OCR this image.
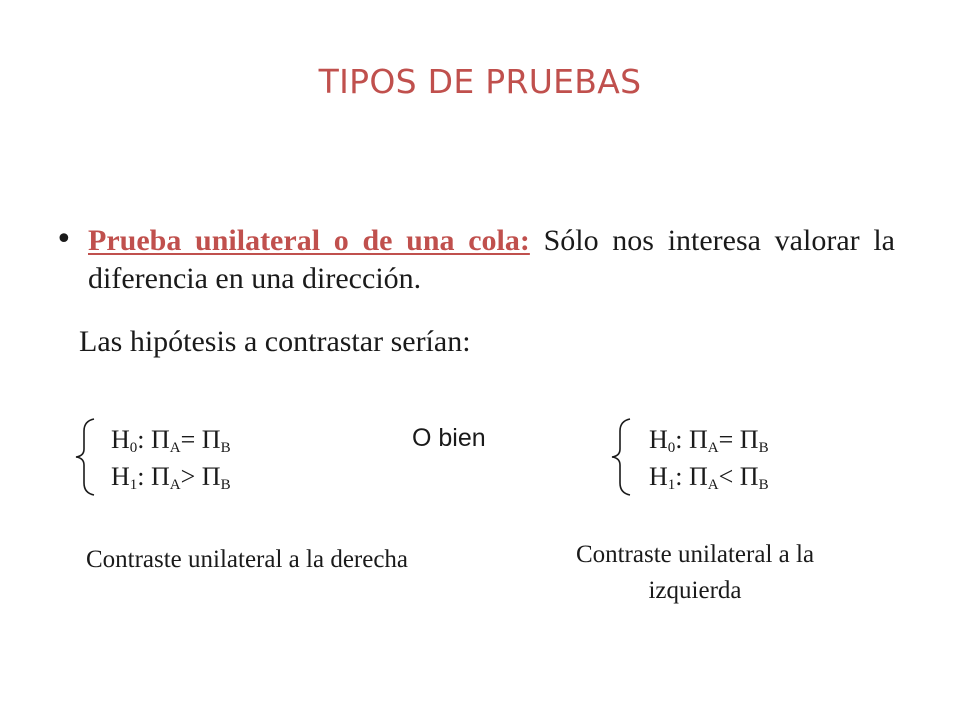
TIPOS DE PRUEBAS
• Prueba unilateral o de una cola: Sólo nos interesa valorar la diferencia en una dirección.
Las hipótesis a contrastar serían:
$H_0$: $\Pi_A= \Pi_B$
$H_1$: $\Pi_A> \Pi_B$
O bien	$H_0$: $\Pi_A= \Pi_B$
$H_1$: $\Pi_A< \Pi_B$
Contraste unilateral a la derecha	Contraste unilateral a la izquierda
